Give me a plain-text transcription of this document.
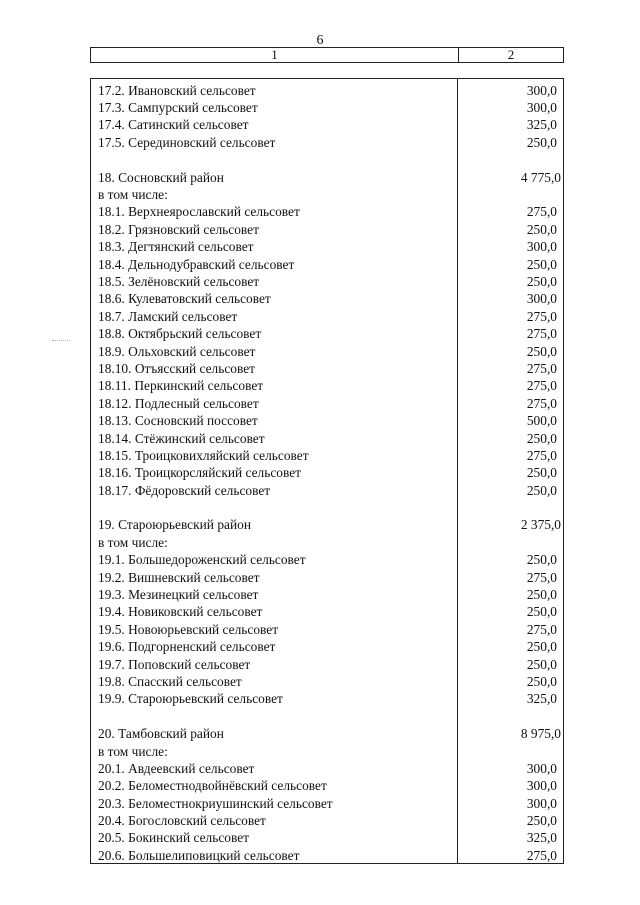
6
1	2
17.2. Ивановский сельсовет	300,0
17.3. Сампурский сельсовет	300,0
17.4. Сатинский сельсовет	325,0
17.5. Серединовский сельсовет	250,0
18. Сосновский район	4 775,0
в том числе:
18.1. Верхнеярославский сельсовет	275,0
18.2. Грязновский сельсовет	250,0
18.3. Дегтянский сельсовет	300,0
18.4. Дельнодубравский сельсовет	250,0
18.5. Зелёновский сельсовет	250,0
18.6. Кулеватовский сельсовет	300,0
18.7. Ламский сельсовет	275,0
18.8. Октябрьский сельсовет	275,0
18.9. Ольховский сельсовет	250,0
18.10. Отъясский сельсовет	275,0
18.11. Перкинский сельсовет	275,0
18.12. Подлесный сельсовет	275,0
18.13. Сосновский поссовет	500,0
18.14. Стёжинский сельсовет	250,0
18.15. Троицковихляйский сельсовет	275,0
18.16. Троицкорсляйский сельсовет	250,0
18.17. Фёдоровский сельсовет	250,0
19. Староюрьевский район	2 375,0
в том числе:
19.1. Большедороженский сельсовет	250,0
19.2. Вишневский сельсовет	275,0
19.3. Мезинецкий сельсовет	250,0
19.4. Новиковский сельсовет	250,0
19.5. Новоюрьевский сельсовет	275,0
19.6. Подгорненский сельсовет	250,0
19.7. Поповский сельсовет	250,0
19.8. Спасский сельсовет	250,0
19.9. Староюрьевский сельсовет	325,0
20. Тамбовский район	8 975,0
в том числе:
20.1. Авдеевский сельсовет	300,0
20.2. Беломестнодвойнёвский сельсовет	300,0
20.3. Беломестнокриушинский сельсовет	300,0
20.4. Богословский сельсовет	250,0
20.5. Бокинский сельсовет	325,0
20.6. Большелиповицкий сельсовет	275,0
